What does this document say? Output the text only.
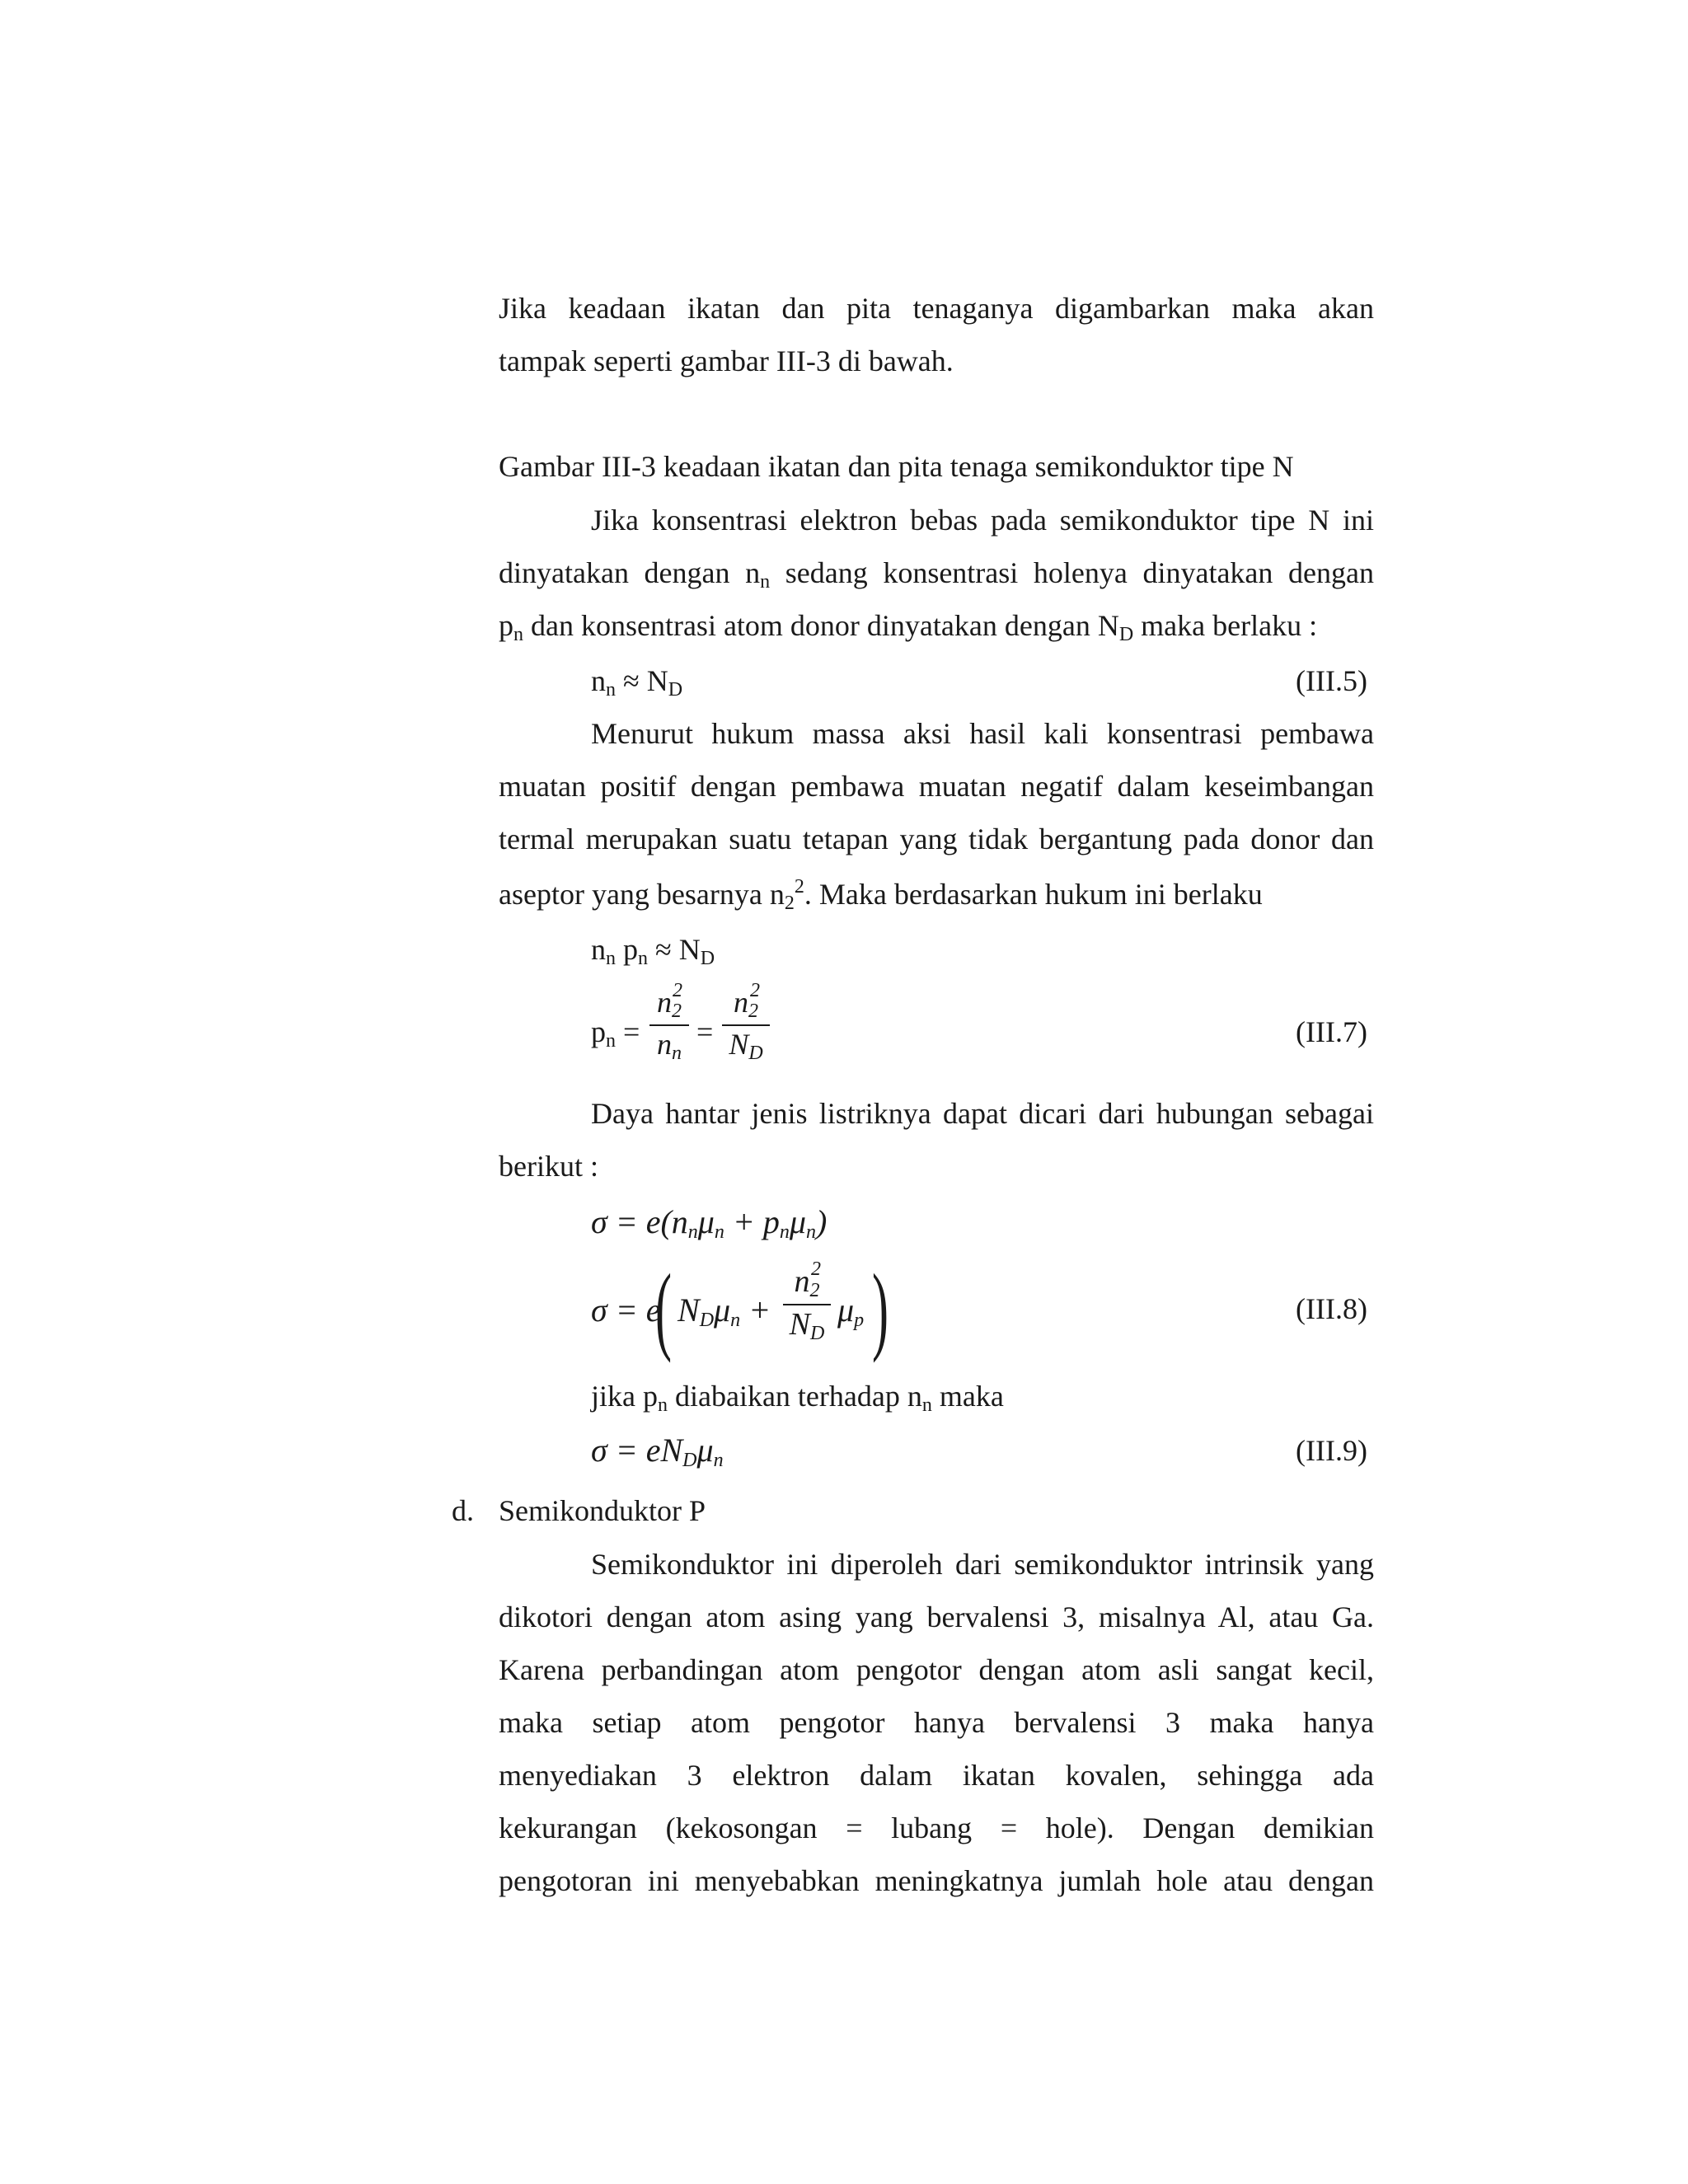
Jika keadaan ikatan dan pita tenaganya digambarkan maka akan
tampak seperti gambar III-3 di bawah.
Gambar III-3 keadaan ikatan dan pita tenaga semikonduktor tipe N
Jika konsentrasi elektron bebas pada semikonduktor tipe N ini
dinyatakan dengan $n_n$ sedang konsentrasi holenya dinyatakan dengan
$p_n$ dan konsentrasi atom donor dinyatakan dengan $N_D$ maka berlaku :
$n_n \approx N_D$	(III.5)
Menurut hukum massa aksi hasil kali konsentrasi pembawa
muatan positif dengan pembawa muatan negatif dalam keseimbangan
termal merupakan suatu tetapan yang tidak bergantung pada donor dan
aseptor yang besarnya $n_2^2$. Maka berdasarkan hukum ini berlaku
$n_n$ $p_n \approx N_D$
$p_n$ =
$n_2$
2
$n_n$
=
$n_2$
2
$N_D$
(III.7)
Daya hantar jenis listriknya dapat dicari dari hubungan sebagai
berikut :
$\sigma = e(n_n\mu_n + p_n\mu_n)$
σ = e
( $N_D\mu_n$ +
$n_2$
2
$N_D$
$\mu_p$ )	(III.8)
jika $p_n$ diabaikan terhadap $n_n$ maka
$\sigma = eN_D\mu_n$	(III.9)
d. Semikonduktor P
Semikonduktor ini diperoleh dari semikonduktor intrinsik yang
dikotori dengan atom asing yang bervalensi 3, misalnya Al, atau Ga.
Karena perbandingan atom pengotor dengan atom asli sangat kecil,
maka setiap atom pengotor hanya bervalensi 3 maka hanya
menyediakan 3 elektron dalam ikatan kovalen, sehingga ada
kekurangan (kekosongan = lubang = hole). Dengan demikian
pengotoran ini menyebabkan meningkatnya jumlah hole atau dengan
